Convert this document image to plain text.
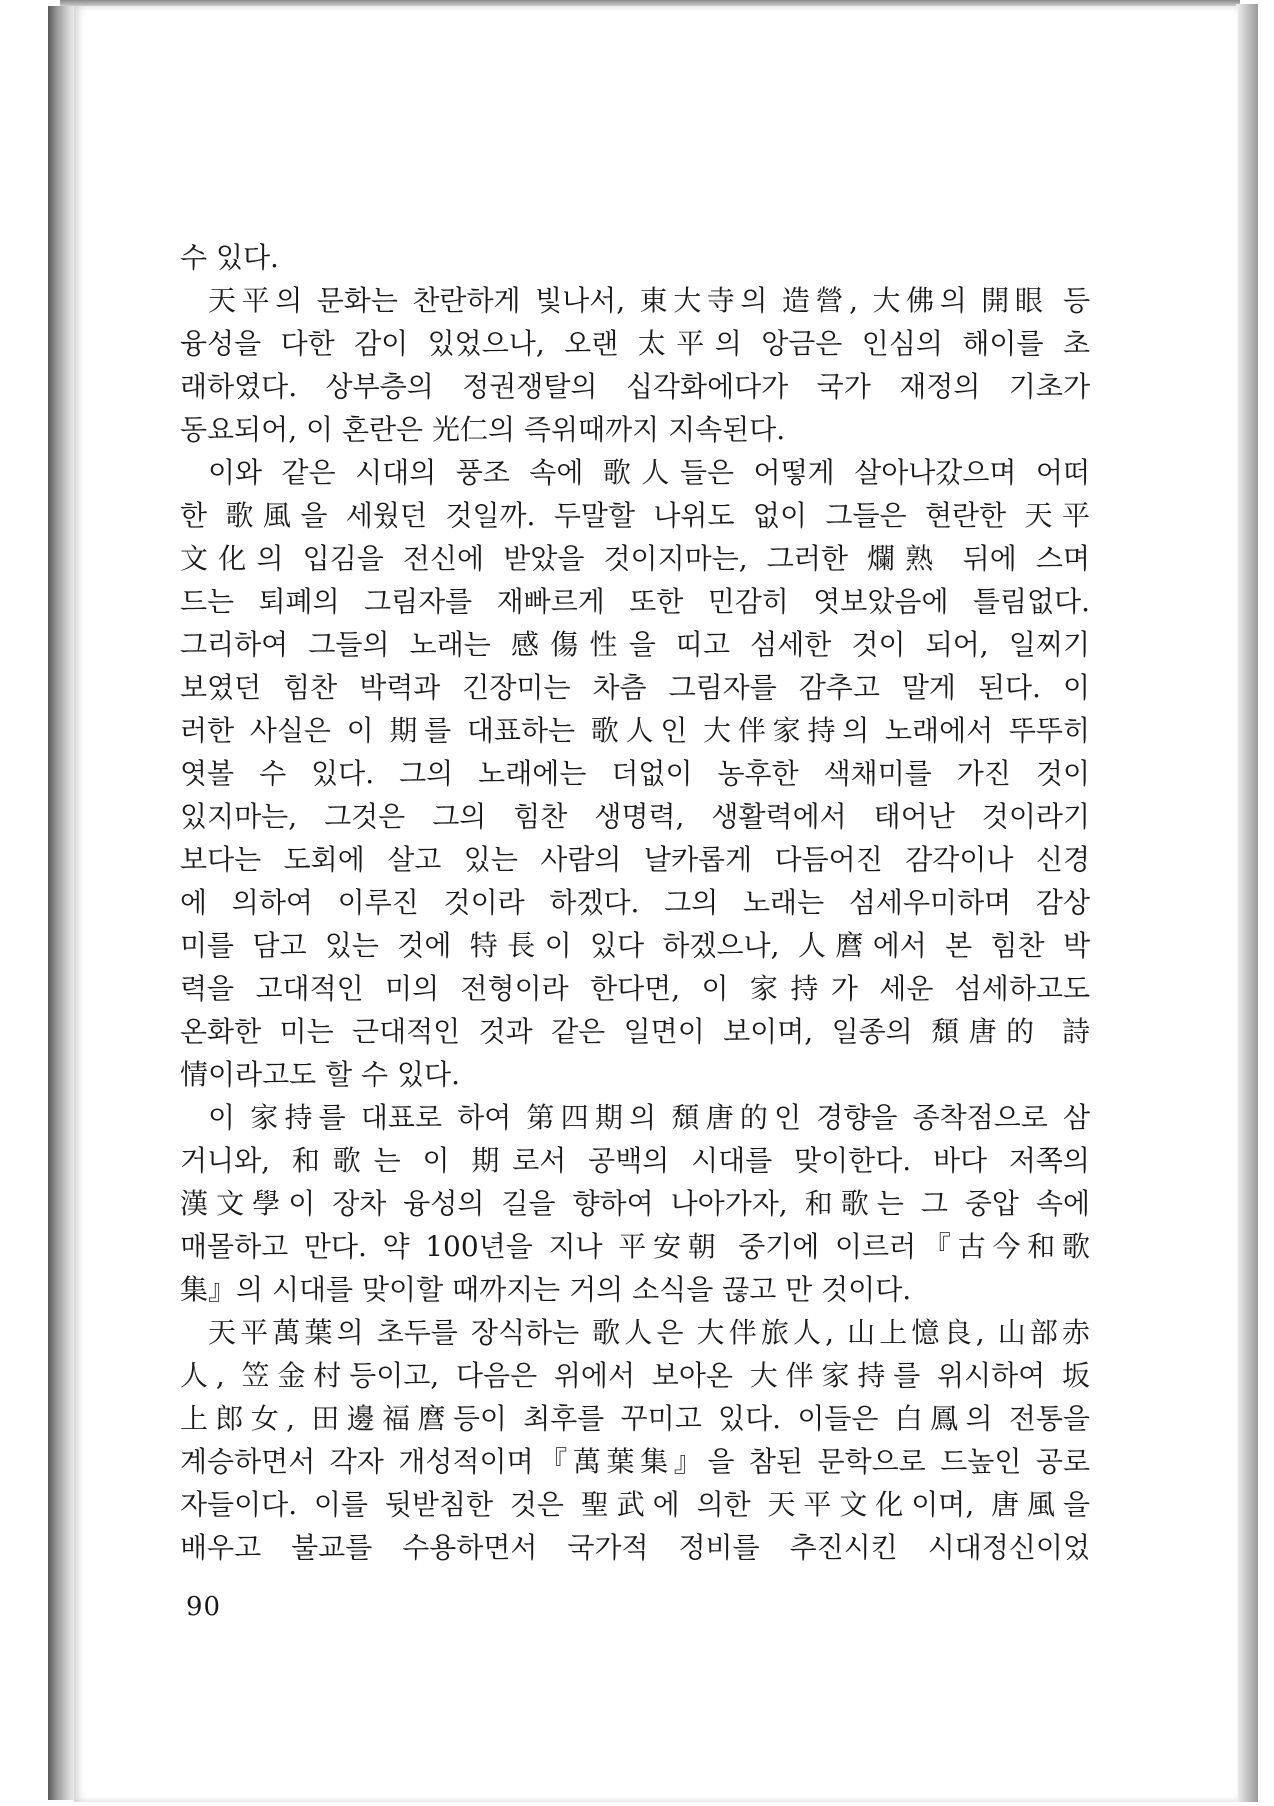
수 있다.
天平의 문화는 찬란하게 빛나서, 東大寺의 造營, 大佛의 開眼 등
융성을 다한 감이 있었으나, 오랜 太平의 앙금은 인심의 해이를 초
래하였다. 상부층의 정권쟁탈의 십각화에다가 국가 재정의 기초가
동요되어, 이 혼란은 光仁의 즉위때까지 지속된다.
이와 같은 시대의 풍조 속에 歌人들은 어떻게 살아나갔으며 어떠
한 歌風을 세웠던 것일까. 두말할 나위도 없이 그들은 현란한 天平
文化의 입김을 전신에 받았을 것이지마는, 그러한 爛熟 뒤에 스며
드는 퇴폐의 그림자를 재빠르게 또한 민감히 엿보았음에 틀림없다.
그리하여 그들의 노래는 感傷性을 띠고 섬세한 것이 되어, 일찌기
보였던 힘찬 박력과 긴장미는 차츰 그림자를 감추고 말게 된다. 이
러한 사실은 이 期를 대표하는 歌人인 大伴家持의 노래에서 뚜뚜히
엿볼 수 있다. 그의 노래에는 더없이 농후한 색채미를 가진 것이
있지마는, 그것은 그의 힘찬 생명력, 생활력에서 태어난 것이라기
보다는 도회에 살고 있는 사람의 날카롭게 다듬어진 감각이나 신경
에 의하여 이루진 것이라 하겠다. 그의 노래는 섬세우미하며 감상
미를 담고 있는 것에 特長이 있다 하겠으나, 人麿에서 본 힘찬 박
력을 고대적인 미의 전형이라 한다면, 이 家持가 세운 섬세하고도
온화한 미는 근대적인 것과 같은 일면이 보이며, 일종의 頹唐的 詩
情이라고도 할 수 있다.
이 家持를 대표로 하여 第四期의 頹唐的인 경향을 종착점으로 삼
거니와, 和歌는 이 期로서 공백의 시대를 맞이한다. 바다 저쪽의
漢文學이 장차 융성의 길을 향하여 나아가자, 和歌는 그 중압 속에
매몰하고 만다. 약 100년을 지나 平安朝 중기에 이르러『古今和歌
集』의 시대를 맞이할 때까지는 거의 소식을 끊고 만 것이다.
天平萬葉의 초두를 장식하는 歌人은 大伴旅人, 山上憶良, 山部赤
人, 笠金村등이고, 다음은 위에서 보아온 大伴家持를 위시하여 坂
上郎女, 田邊福麿등이 최후를 꾸미고 있다. 이들은 白鳳의 전통을
계승하면서 각자 개성적이며『萬葉集』을 참된 문학으로 드높인 공로
자들이다. 이를 뒷받침한 것은 聖武에 의한 天平文化이며, 唐風을
배우고 불교를 수용하면서 국가적 정비를 추진시킨 시대정신이었
90
